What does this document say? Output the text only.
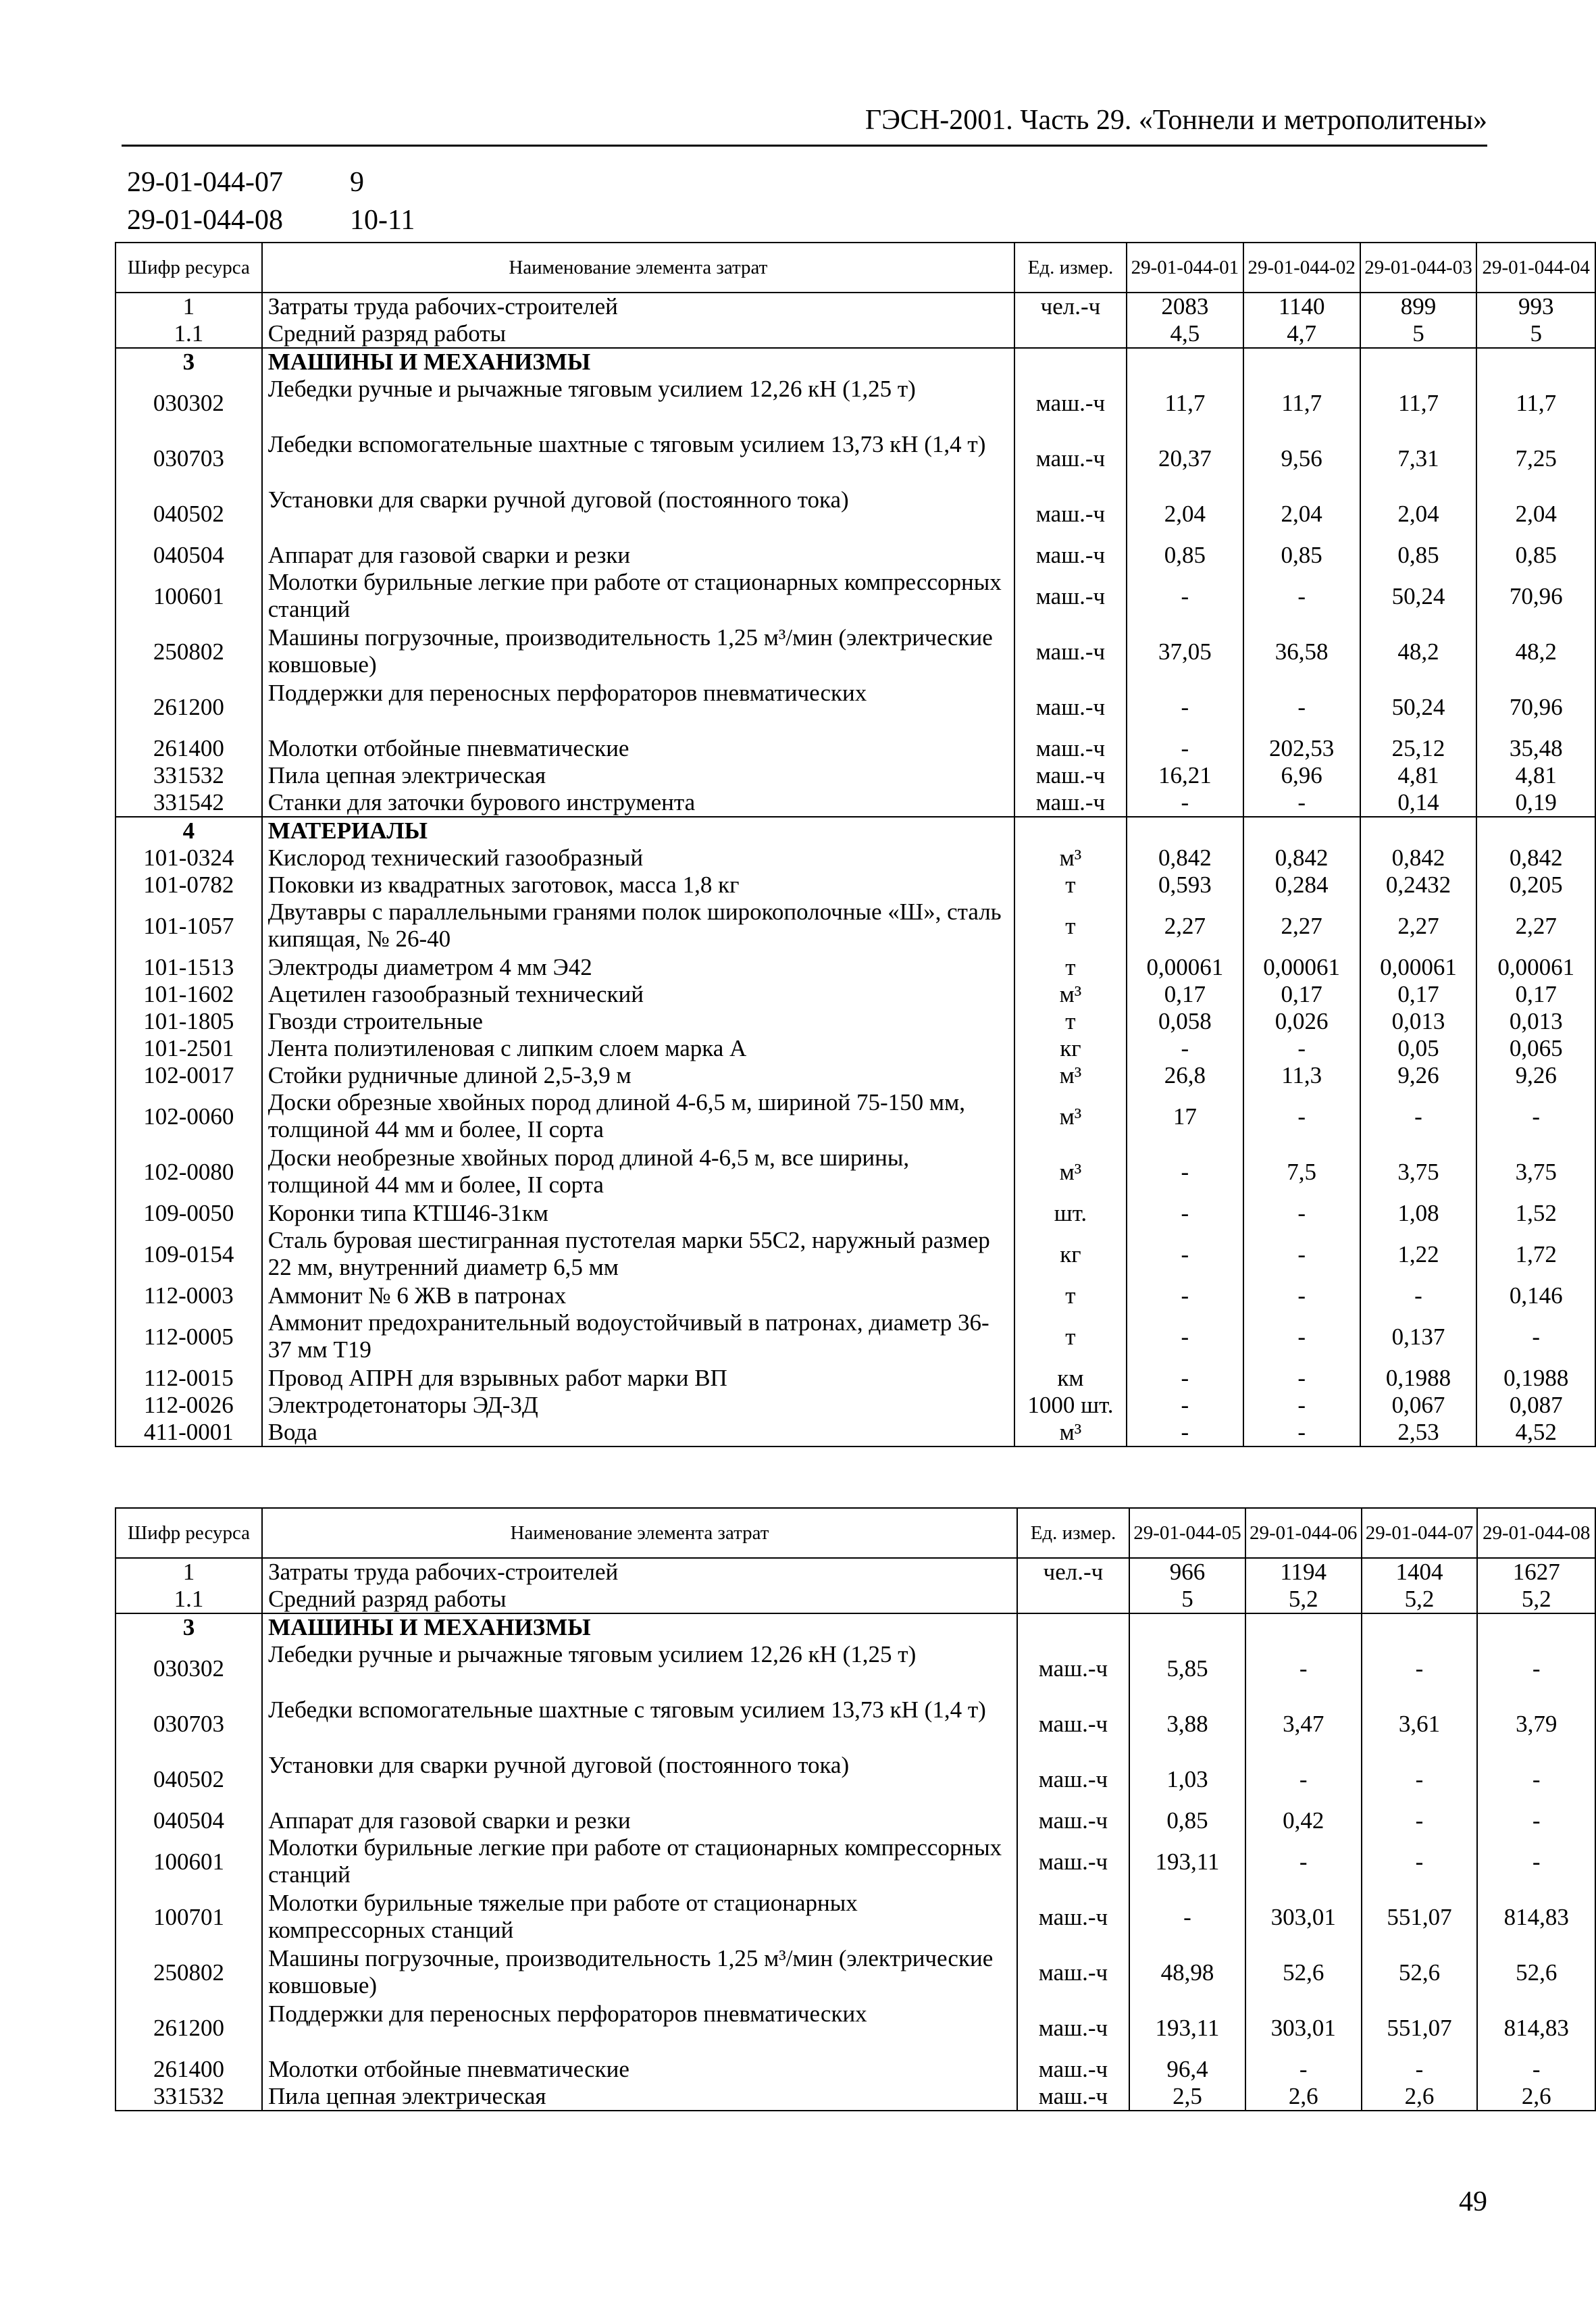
ГЭСН-2001. Часть 29. «Тоннели и метрополитены»
29-01-044-07	9
29-01-044-08	10-11
Шифр ресурса	Наименование элемента затрат	Ед. измер.	29-01-044-01	29-01-044-02	29-01-044-03	29-01-044-04
1	Затраты труда рабочих-строителей	чел.-ч	2083	1140	899	993
1.1	Средний разряд работы		4,5	4,7	5	5
3	МАШИНЫ И МЕХАНИЗМЫ					
030302	Лебедки ручные и рычажные тяговым усилием 12,26 кН (1,25 т)	маш.-ч	11,7	11,7	11,7	11,7
030703	Лебедки вспомогательные шахтные с тяговым усилием 13,73 кН (1,4 т)	маш.-ч	20,37	9,56	7,31	7,25
040502	Установки для сварки ручной дуговой (постоянного тока)	маш.-ч	2,04	2,04	2,04	2,04
040504	Аппарат для газовой сварки и резки	маш.-ч	0,85	0,85	0,85	0,85
100601	Молотки бурильные легкие при работе от стационарных компрессорных станций	маш.-ч	-	-	50,24	70,96
250802	Машины погрузочные, производительность 1,25 м³/мин (электрические ковшовые)	маш.-ч	37,05	36,58	48,2	48,2
261200	Поддержки для переносных перфораторов пневматических	маш.-ч	-	-	50,24	70,96
261400	Молотки отбойные пневматические	маш.-ч	-	202,53	25,12	35,48
331532	Пила цепная электрическая	маш.-ч	16,21	6,96	4,81	4,81
331542	Станки для заточки бурового инструмента	маш.-ч	-	-	0,14	0,19
4	МАТЕРИАЛЫ					
101-0324	Кислород технический газообразный	м³	0,842	0,842	0,842	0,842
101-0782	Поковки из квадратных заготовок, масса 1,8 кг	т	0,593	0,284	0,2432	0,205
101-1057	Двутавры с параллельными гранями полок широкополочные «Ш», сталь кипящая, № 26-40	т	2,27	2,27	2,27	2,27
101-1513	Электроды диаметром 4 мм Э42	т	0,00061	0,00061	0,00061	0,00061
101-1602	Ацетилен газообразный технический	м³	0,17	0,17	0,17	0,17
101-1805	Гвозди строительные	т	0,058	0,026	0,013	0,013
101-2501	Лента полиэтиленовая с липким слоем марка А	кг	-	-	0,05	0,065
102-0017	Стойки рудничные длиной 2,5-3,9 м	м³	26,8	11,3	9,26	9,26
102-0060	Доски обрезные хвойных пород длиной 4-6,5 м, шириной 75-150 мм, толщиной 44 мм и более, II сорта	м³	17	-	-	-
102-0080	Доски необрезные хвойных пород длиной 4-6,5 м, все ширины, толщиной 44 мм и более, II сорта	м³	-	7,5	3,75	3,75
109-0050	Коронки типа КТШ46-31км	шт.	-	-	1,08	1,52
109-0154	Сталь буровая шестигранная пустотелая марки 55С2, наружный размер 22 мм, внутренний диаметр 6,5 мм	кг	-	-	1,22	1,72
112-0003	Аммонит № 6 ЖВ в патронах	т	-	-	-	0,146
112-0005	Аммонит предохранительный водоустойчивый в патронах, диаметр 36-37 мм Т19	т	-	-	0,137	-
112-0015	Провод АПРН для взрывных работ марки ВП	км	-	-	0,1988	0,1988
112-0026	Электродетонаторы ЭД-3Д	1000 шт.	-	-	0,067	0,087
411-0001	Вода	м³	-	-	2,53	4,52
Шифр ресурса	Наименование элемента затрат	Ед. измер.	29-01-044-05	29-01-044-06	29-01-044-07	29-01-044-08
1	Затраты труда рабочих-строителей	чел.-ч	966	1194	1404	1627
1.1	Средний разряд работы		5	5,2	5,2	5,2
3	МАШИНЫ И МЕХАНИЗМЫ					
030302	Лебедки ручные и рычажные тяговым усилием 12,26 кН (1,25 т)	маш.-ч	5,85	-	-	-
030703	Лебедки вспомогательные шахтные с тяговым усилием 13,73 кН (1,4 т)	маш.-ч	3,88	3,47	3,61	3,79
040502	Установки для сварки ручной дуговой (постоянного тока)	маш.-ч	1,03	-	-	-
040504	Аппарат для газовой сварки и резки	маш.-ч	0,85	0,42	-	-
100601	Молотки бурильные легкие при работе от стационарных компрессорных станций	маш.-ч	193,11	-	-	-
100701	Молотки бурильные тяжелые при работе от стационарных компрессорных станций	маш.-ч	-	303,01	551,07	814,83
250802	Машины погрузочные, производительность 1,25 м³/мин (электрические ковшовые)	маш.-ч	48,98	52,6	52,6	52,6
261200	Поддержки для переносных перфораторов пневматических	маш.-ч	193,11	303,01	551,07	814,83
261400	Молотки отбойные пневматические	маш.-ч	96,4	-	-	-
331532	Пила цепная электрическая	маш.-ч	2,5	2,6	2,6	2,6
49
